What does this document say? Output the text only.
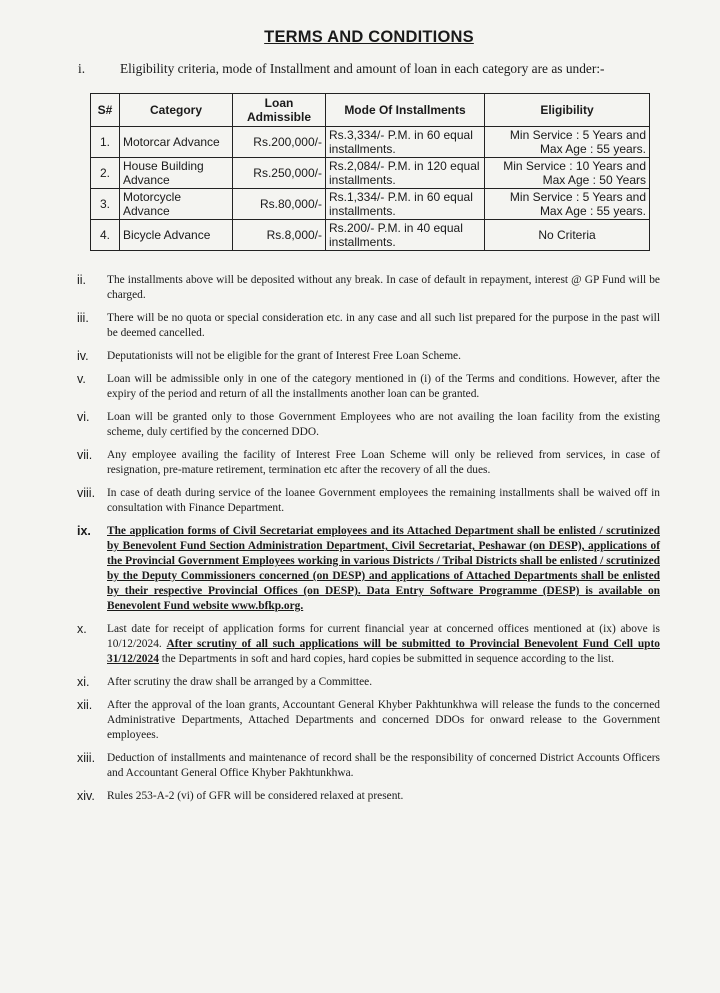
TERMS AND CONDITIONS
i.	Eligibility criteria, mode of Installment and amount of loan in each category are as under:-
S#	Category	Loan Admissible	Mode Of Installments	Eligibility
1.	Motorcar Advance	Rs.200,000/-	Rs.3,334/- P.M. in 60 equal installments.	Min Service : 5 Years and Max Age : 55 years.
2.	House Building Advance	Rs.250,000/-	Rs.2,084/- P.M. in 120 equal installments.	Min Service : 10 Years and Max Age : 50 Years
3.	Motorcycle Advance	Rs.80,000/-	Rs.1,334/- P.M. in 60 equal installments.	Min Service : 5 Years and Max Age : 55 years.
4.	Bicycle Advance	Rs.8,000/-	Rs.200/- P.M. in 40 equal installments.	No Criteria
ii.	The installments above will be deposited without any break. In case of default in repayment, interest @ GP Fund will be charged.
iii.	There will be no quota or special consideration etc. in any case and all such list prepared for the purpose in the past will be deemed cancelled.
iv.	Deputationists will not be eligible for the grant of Interest Free Loan Scheme.
v.	Loan will be admissible only in one of the category mentioned in (i) of the Terms and conditions. However, after the expiry of the period and return of all the installments another loan can be granted.
vi.	Loan will be granted only to those Government Employees who are not availing the loan facility from the existing scheme, duly certified by the concerned DDO.
vii.	Any employee availing the facility of Interest Free Loan Scheme will only be relieved from services, in case of resignation, pre-mature retirement, termination etc after the recovery of all the dues.
viii.	In case of death during service of the loanee Government employees the remaining installments shall be waived off in consultation with Finance Department.
ix.	The application forms of Civil Secretariat employees and its Attached Department shall be enlisted / scrutinized by Benevolent Fund Section Administration Department, Civil Secretariat, Peshawar (on DESP), applications of the Provincial Government Employees working in various Districts / Tribal Districts shall be enlisted / scrutinized by the Deputy Commissioners concerned (on DESP) and applications of Attached Departments shall be enlisted by their respective Provincial Offices (on DESP). Data Entry Software Programme (DESP) is available on Benevolent Fund website www.bfkp.org.
x.	Last date for receipt of application forms for current financial year at concerned offices mentioned at (ix) above is 10/12/2024. After scrutiny of all such applications will be submitted to Provincial Benevolent Fund Cell upto 31/12/2024 the Departments in soft and hard copies, hard copies be submitted in sequence according to the list.
xi.	After scrutiny the draw shall be arranged by a Committee.
xii.	After the approval of the loan grants, Accountant General Khyber Pakhtunkhwa will release the funds to the concerned Administrative Departments, Attached Departments and concerned DDOs for onward release to the Government employees.
xiii.	Deduction of installments and maintenance of record shall be the responsibility of concerned District Accounts Officers and Accountant General Office Khyber Pakhtunkhwa.
xiv.	Rules 253-A-2 (vi) of GFR will be considered relaxed at present.
